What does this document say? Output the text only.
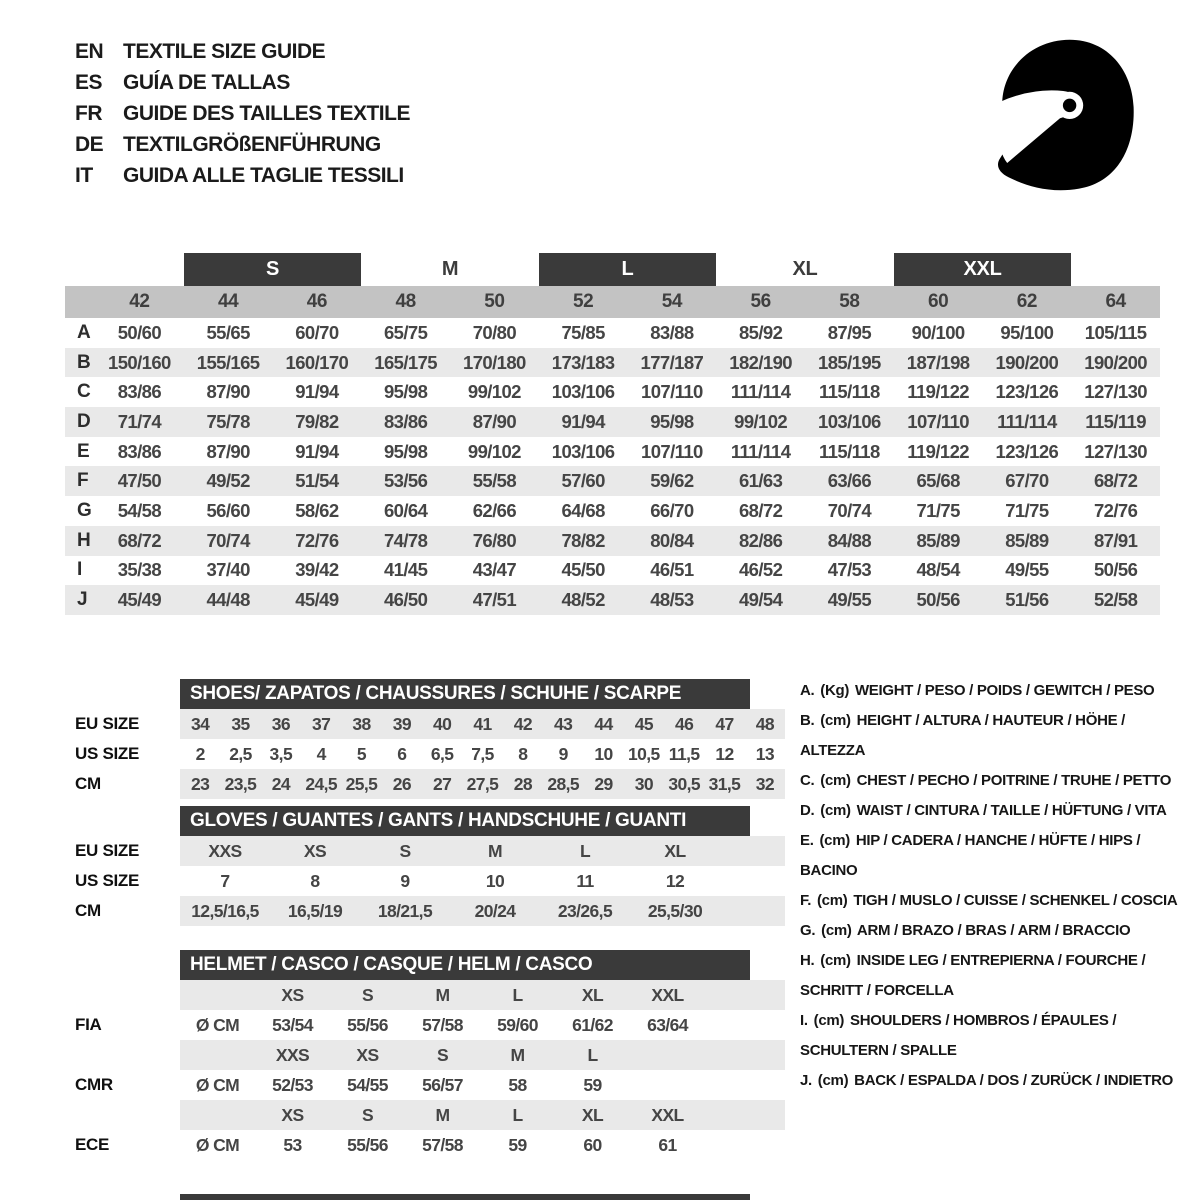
EN TEXTILE SIZE GUIDE
ES GUÍA DE TALLAS
FR	GUIDE DES TAILLES TEXTILE
DE TEXTILGRÖßENFÜHRUNG
IT	GUIDA ALLE TAGLIE TESSILI
S	M	L	XL	XXL
42	44	46	48	50	52	54	56	58	60	62	64
A	50/60	55/65	60/70	65/75	70/80	75/85	83/88	85/92	87/95	90/100	95/100	105/115
B 150/160	155/165	160/170	165/175	170/180	173/183	177/187	182/190	185/195	187/198	190/200	190/200
C	83/86	87/90	91/94	95/98	99/102	103/106	107/110	111/114	115/118	119/122	123/126	127/130
D	71/74	75/78	79/82	83/86	87/90	91/94	95/98	99/102	103/106	107/110	111/114	115/119
E	83/86	87/90	91/94	95/98	99/102	103/106	107/110	111/114	115/118	119/122	123/126	127/130
F	47/50	49/52	51/54	53/56	55/58	57/60	59/62	61/63	63/66	65/68	67/70	68/72
G	54/58	56/60	58/62	60/64	62/66	64/68	66/70	68/72	70/74	71/75	71/75	72/76
H	68/72	70/74	72/76	74/78	76/80	78/82	80/84	82/86	84/88	85/89	85/89	87/91
I	35/38	37/40	39/42	41/45	43/47	45/50	46/51	46/52	47/53	48/54	49/55	50/56
J	45/49	44/48	45/49	46/50	47/51	48/52	48/53	49/54	49/55	50/56	51/56	52/58
SHOES/ ZAPATOS / CHAUSSURES / SCHUHE / SCARPE
EU SIZE	34	35	36	37	38	39	40	41	42	43	44	45	46	47	48
US SIZE	2	2,5	3,5	4	5	6	6,5	7,5	8	9	10 10,5 11,5 12	13
CM	23 23,5 24 24,5 25,5 26	27 27,5 28 28,5 29	30 30,5 31,5 32
GLOVES / GUANTES / GANTS / HANDSCHUHE / GUANTI
EU SIZE	XXS	XS	S	M	L	XL
US SIZE	7	8	9	10	11	12
CM	12,5/16,5	16,5/19	18/21,5	20/24	23/26,5	25,5/30
HELMET / CASCO / CASQUE / HELM / CASCO
XS	S	M	L	XL	XXL
FIA	Ø CM	53/54	55/56	57/58	59/60	61/62	63/64
XXS	XS	S	M	L
CMR	Ø CM	52/53	54/55	56/57	58	59
XS	S	M	L	XL	XXL
ECE	Ø CM	53	55/56	57/58	59	60	61
A. (Kg) WEIGHT / PESO / POIDS / GEWITCH / PESO
B. (cm) HEIGHT / ALTURA / HAUTEUR / HÖHE / ALTEZZA
C. (cm) CHEST / PECHO / POITRINE / TRUHE / PETTO
D. (cm) WAIST / CINTURA / TAILLE / HÜFTUNG / VITA
E. (cm) HIP / CADERA / HANCHE / HÜFTE / HIPS / BACINO
F. (cm) TIGH / MUSLO / CUISSE / SCHENKEL / COSCIA
G. (cm) ARM / BRAZO / BRAS / ARM / BRACCIO
H. (cm) INSIDE LEG / ENTREPIERNA / FOURCHE / SCHRITT / FORCELLA
I. (cm) SHOULDERS / HOMBROS / ÉPAULES / SCHULTERN / SPALLE
J. (cm) BACK / ESPALDA / DOS / ZURÜCK / INDIETRO
